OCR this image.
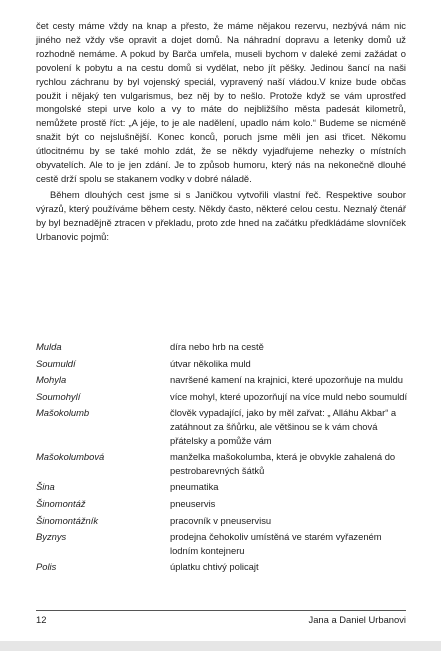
čet cesty máme vždy na knap a přesto, že máme nějakou rezervu, nezbývá nám nic jiného než vždy vše opravit a dojet domů. Na náhradní dopravu a letenky domů už rozhodně nemáme. A pokud by Barča umřela, museli bychom v daleké zemi zažádat o povolení k pobytu a na cestu domů si vydělat, nebo jít pěšky. Jedinou šancí na naši rychlou záchranu by byl vojenský speciál, vypravený naší vládou.V knize bude občas použit i nějaký ten vulgarismus, bez něj by to nešlo. Protože když se vám uprostřed mongolské stepi urve kolo a vy to máte do nejbližšího města padesát kilometrů, nemůžete prostě říct: „A jéje, to je ale nadělení, upadlo nám kolo.“ Budeme se nicméně snažit být co nejslušnější. Konec konců, poruch jsme měli jen asi třicet. Někomu útlocitnému by se také mohlo zdát, že se někdy vyjadřujeme nehezky o místních obyvatelích. Ale to je jen zdání. Je to způsob humoru, který nás na nekonečně dlouhé cestě drží spolu se stakanem vodky v dobré náladě.

Během dlouhých cest jsme si s Janičkou vytvořili vlastní řeč. Respektive soubor výrazů, který používáme během cesty. Někdy často, některé celou cestu. Neznalý čtenář by byl beznadějně ztracen v překladu, proto zde hned na začátku předkládáme slovníček Urbanovic pojmů:

Mulda	díra nebo hrb na cestě
Soumuldí	útvar několika muld
Mohyla	navršené kamení na krajnici, které upozorňuje na muldu
Soumohylí	více mohyl, které upozorňují na více muld nebo soumuldí
Mašokolumb	člověk vypadající, jako by měl zařvat: „ Alláhu Akbar“ a zatáhnout za šňůrku, ale většinou se k vám chová přátelsky a pomůže vám
Mašokolumbová	manželka mašokolumba, která je obvykle zahalená do pestrobarevných šátků
Šina	pneumatika
Šinomontáž	pneuservis
Šinomontážník	pracovník v pneuservisu
Byznys	prodejna čehokoliv umístěná ve starém vyřazeném lodním kontejneru
Polis	úplatku chtivý policajt
12	Jana a Daniel Urbanovi
